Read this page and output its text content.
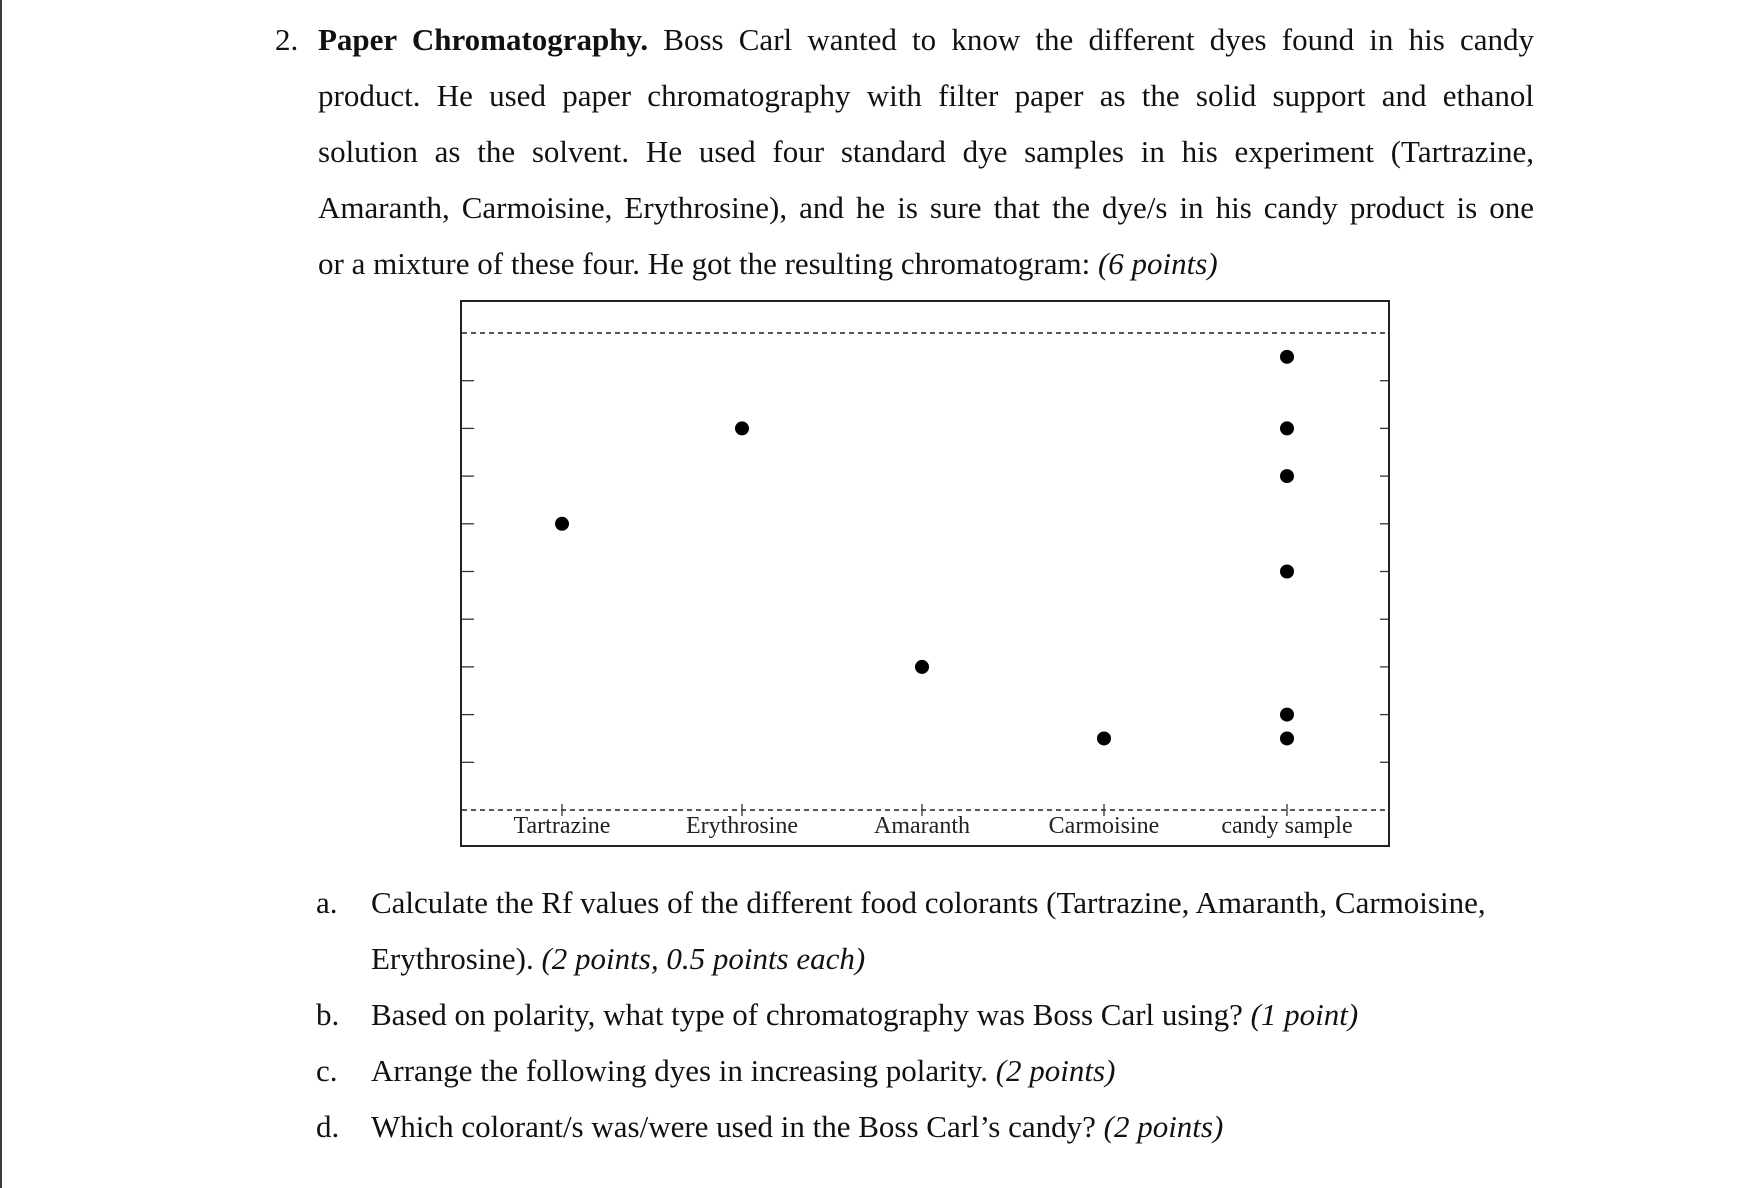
2. Paper Chromatography. Boss Carl wanted to know the different dyes found in his candy
product. He used paper chromatography with filter paper as the solid support and ethanol
solution as the solvent. He used four standard dye samples in his experiment (Tartrazine,
Amaranth, Carmoisine, Erythrosine), and he is sure that the dye/s in his candy product is one
or a mixture of these four. He got the resulting chromatogram: (6 points)
Tartrazine	Erythrosine	Amaranth	Carmoisine	candy sample
a.	Calculate the Rf values of the different food colorants (Tartrazine, Amaranth, Carmoisine,
Erythrosine). (2 points, 0.5 points each)
b.	Based on polarity, what type of chromatography was Boss Carl using? (1 point)
c.	Arrange the following dyes in increasing polarity. (2 points)
d.	Which colorant/s was/were used in the Boss Carl’s candy? (2 points)
